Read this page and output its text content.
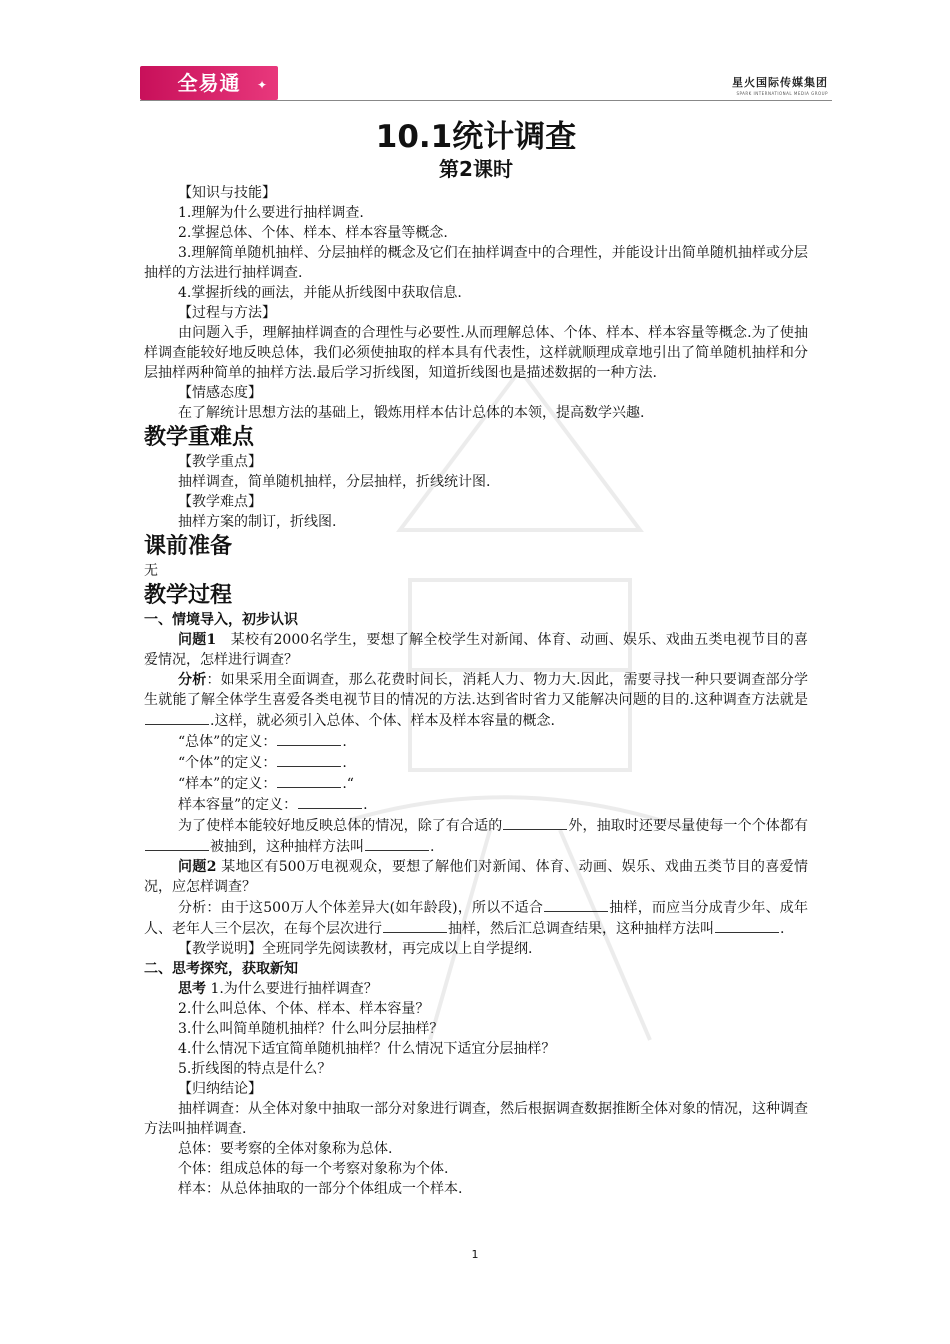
全易通 ✦	星火国际传媒集团
SPARK INTERNATIONAL MEDIA GROUP

10.1统计调查

第2课时

【知识与技能】

1.理解为什么要进行抽样调查.

2.掌握总体、个体、样本、样本容量等概念.

3.理解简单随机抽样、分层抽样的概念及它们在抽样调查中的合理性，并能设计出简单随机抽样或分层抽样的方法进行抽样调查.

4.掌握折线的画法，并能从折线图中获取信息.

【过程与方法】

由问题入手，理解抽样调查的合理性与必要性.从而理解总体、个体、样本、样本容量等概念.为了使抽样调查能较好地反映总体，我们必须使抽取的样本具有代表性，这样就顺理成章地引出了简单随机抽样和分层抽样两种简单的抽样方法.最后学习折线图，知道折线图也是描述数据的一种方法.

【情感态度】

在了解统计思想方法的基础上，锻炼用样本估计总体的本领，提高数学兴趣.

教学重难点

【教学重点】

抽样调查，简单随机抽样，分层抽样，折线统计图.

【教学难点】

抽样方案的制订，折线图.

课前准备

无

教学过程

一、情境导入，初步认识

问题1　某校有2000名学生，要想了解全校学生对新闻、体育、动画、娱乐、戏曲五类电视节目的喜爱情况，怎样进行调查？

分析：如果采用全面调查，那么花费时间长，消耗人力、物力大.因此，需要寻找一种只要调查部分学生就能了解全体学生喜爱各类电视节目的情况的方法.达到省时省力又能解决问题的目的.这种调查方法就是.这样，就必须引入总体、个体、样本及样本容量的概念.

“总体”的定义：	.

“个体”的定义：	.

“样本”的定义：	.“

样本容量”的定义：	.

为了使样本能较好地反映总体的情况，除了有合适的	外，抽取时还要尽量使每一个个体都有被抽到，这种抽样方法叫	.

问题2 某地区有500万电视观众，要想了解他们对新闻、体育、动画、娱乐、戏曲五类节目的喜爱情况，应怎样调查？

分析：由于这500万人个体差异大(如年龄段)，所以不适合	抽样，而应当分成青少年、成年人、老年人三个层次，在每个层次进行	抽样，然后汇总调查结果，这种抽样方法叫	.

【教学说明】全班同学先阅读教材，再完成以上自学提纲.

二、思考探究，获取新知

思考 1.为什么要进行抽样调查？

2.什么叫总体、个体、样本、样本容量？

3.什么叫简单随机抽样？什么叫分层抽样？

4.什么情况下适宜简单随机抽样？什么情况下适宜分层抽样？

5.折线图的特点是什么？

【归纳结论】

抽样调查：从全体对象中抽取一部分对象进行调查，然后根据调查数据推断全体对象的情况，这种调查方法叫抽样调查.

总体：要考察的全体对象称为总体.

个体：组成总体的每一个考察对象称为个体.

样本：从总体抽取的一部分个体组成一个样本.

1
